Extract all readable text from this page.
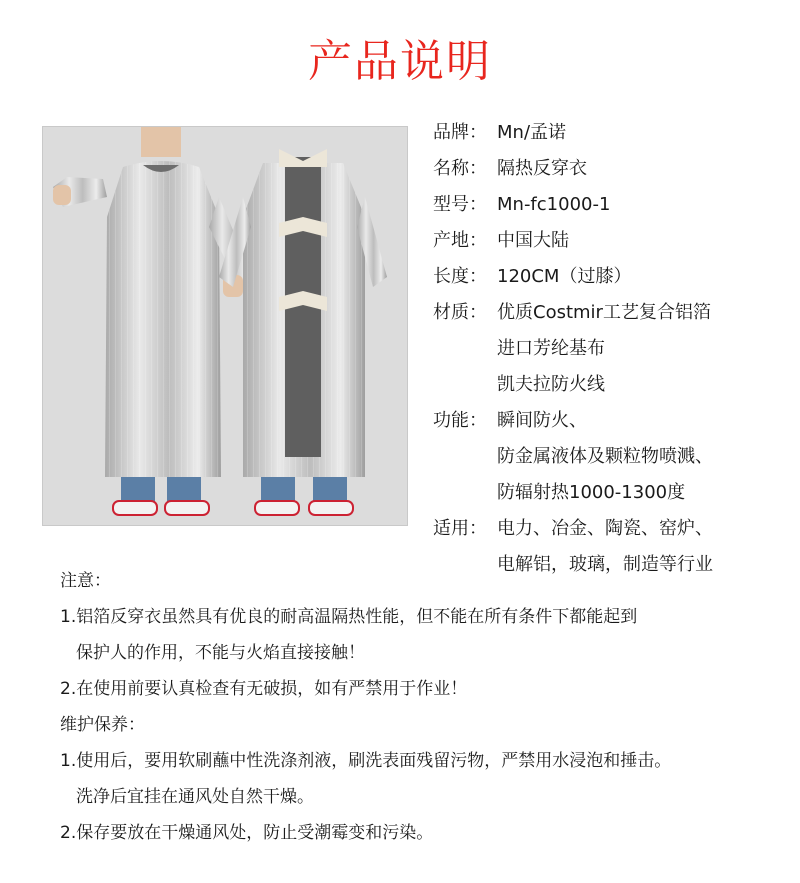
产品说明
品牌： Mn/孟诺
名称： 隔热反穿衣
型号： Mn-fc1000-1
产地： 中国大陆
长度： 120CM（过膝）
材质： 优质Costmir工艺复合铝箔
进口芳纶基布
凯夫拉防火线
功能： 瞬间防火、
防金属液体及颗粒物喷溅、
防辐射热1000-1300度
适用： 电力、冶金、陶瓷、窑炉、
电解铝，玻璃，制造等行业
注意：
1.铝箔反穿衣虽然具有优良的耐高温隔热性能，但不能在所有条件下都能起到
保护人的作用，不能与火焰直接接触！
2.在使用前要认真检查有无破损，如有严禁用于作业！
维护保养：
1.使用后，要用软刷蘸中性洗涤剂液，刷洗表面残留污物，严禁用水浸泡和捶击。
洗净后宜挂在通风处自然干燥。
2.保存要放在干燥通风处，防止受潮霉变和污染。
